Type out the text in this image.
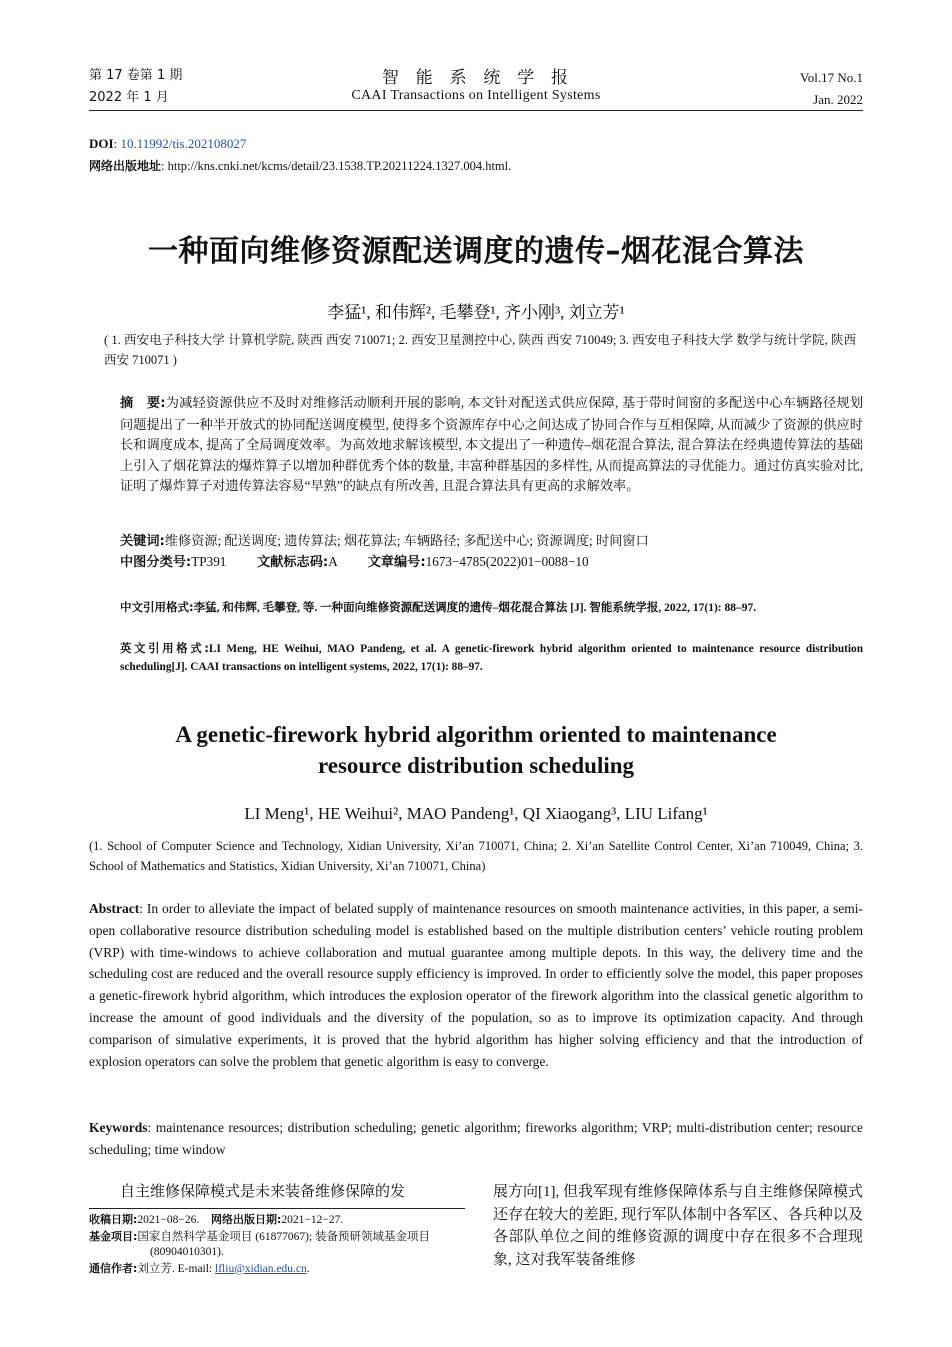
第 17 卷第 1 期
2022 年 1 月
智  能  系  统  学  报
CAAI Transactions on Intelligent Systems
Vol.17 No.1
Jan. 2022
DOI: 10.11992/tis.202108027
网络出版地址: http://kns.cnki.net/kcms/detail/23.1538.TP.20211224.1327.004.html.
一种面向维修资源配送调度的遗传–烟花混合算法
李猛¹, 和伟辉², 毛攀登¹, 齐小刚³, 刘立芳¹
( 1. 西安电子科技大学 计算机学院, 陕西 西安 710071; 2. 西安卫星测控中心, 陕西 西安 710049; 3. 西安电子科技大学 数学与统计学院, 陕西 西安 710071 )
摘　要:为减轻资源供应不及时对维修活动顺利开展的影响, 本文针对配送式供应保障, 基于带时间窗的多配送中心车辆路径规划问题提出了一种半开放式的协同配送调度模型, 使得多个资源库存中心之间达成了协同合作与互相保障, 从而减少了资源的供应时长和调度成本, 提高了全局调度效率。为高效地求解该模型, 本文提出了一种遗传–烟花混合算法, 混合算法在经典遗传算法的基础上引入了烟花算法的爆炸算子以增加种群优秀个体的数量, 丰富种群基因的多样性, 从而提高算法的寻优能力。通过仿真实验对比, 证明了爆炸算子对遗传算法容易“早熟”的缺点有所改善, 且混合算法具有更高的求解效率。
关键词:维修资源; 配送调度; 遗传算法; 烟花算法; 车辆路径; 多配送中心; 资源调度; 时间窗口
中图分类号:TP391 文献标志码:A 文章编号:1673−4785(2022)01−0088−10
中文引用格式:李猛, 和伟辉, 毛攀登, 等. 一种面向维修资源配送调度的遗传–烟花混合算法 [J]. 智能系统学报, 2022, 17(1): 88–97.
英文引用格式:LI Meng, HE Weihui, MAO Pandeng, et al. A genetic-firework hybrid algorithm oriented to maintenance resource distribution scheduling[J]. CAAI transactions on intelligent systems, 2022, 17(1): 88–97.
A genetic-firework hybrid algorithm oriented to maintenance
resource distribution scheduling
LI Meng¹, HE Weihui², MAO Pandeng¹, QI Xiaogang³, LIU Lifang¹
(1. School of Computer Science and Technology, Xidian University, Xi’an 710071, China; 2. Xi’an Satellite Control Center, Xi’an 710049, China; 3. School of Mathematics and Statistics, Xidian University, Xi’an 710071, China)
Abstract: In order to alleviate the impact of belated supply of maintenance resources on smooth maintenance activities, in this paper, a semi-open collaborative resource distribution scheduling model is established based on the multiple distribution centers’ vehicle routing problem (VRP) with time-windows to achieve collaboration and mutual guarantee among multiple depots. In this way, the delivery time and the scheduling cost are reduced and the overall resource supply efficiency is improved. In order to efficiently solve the model, this paper proposes a genetic-firework hybrid algorithm, which introduces the explosion operator of the firework algorithm into the classical genetic algorithm to increase the amount of good individuals and the diversity of the population, so as to improve its optimization capacity. And through comparison of simulative experiments, it is proved that the hybrid algorithm has higher solving efficiency and that the introduction of explosion operators can solve the problem that genetic algorithm is easy to converge.
Keywords: maintenance resources; distribution scheduling; genetic algorithm; fireworks algorithm; VRP; multi-distribution center; resource scheduling; time window
自主维修保障模式是未来装备维修保障的发	展方向[1], 但我军现有维修保障体系与自主维修保障模式还存在较大的差距, 现行军队体制中各军区、各兵种以及各部队单位之间的维修资源的调度中存在很多不合理现象, 这对我军装备维修
收稿日期:2021−08−26. 网络出版日期:2021−12−27.
基金项目:国家自然科学基金项目 (61877067); 装备预研领域基金项目 (80904010301).
通信作者:刘立芳. E-mail: lfliu@xidian.edu.cn.
